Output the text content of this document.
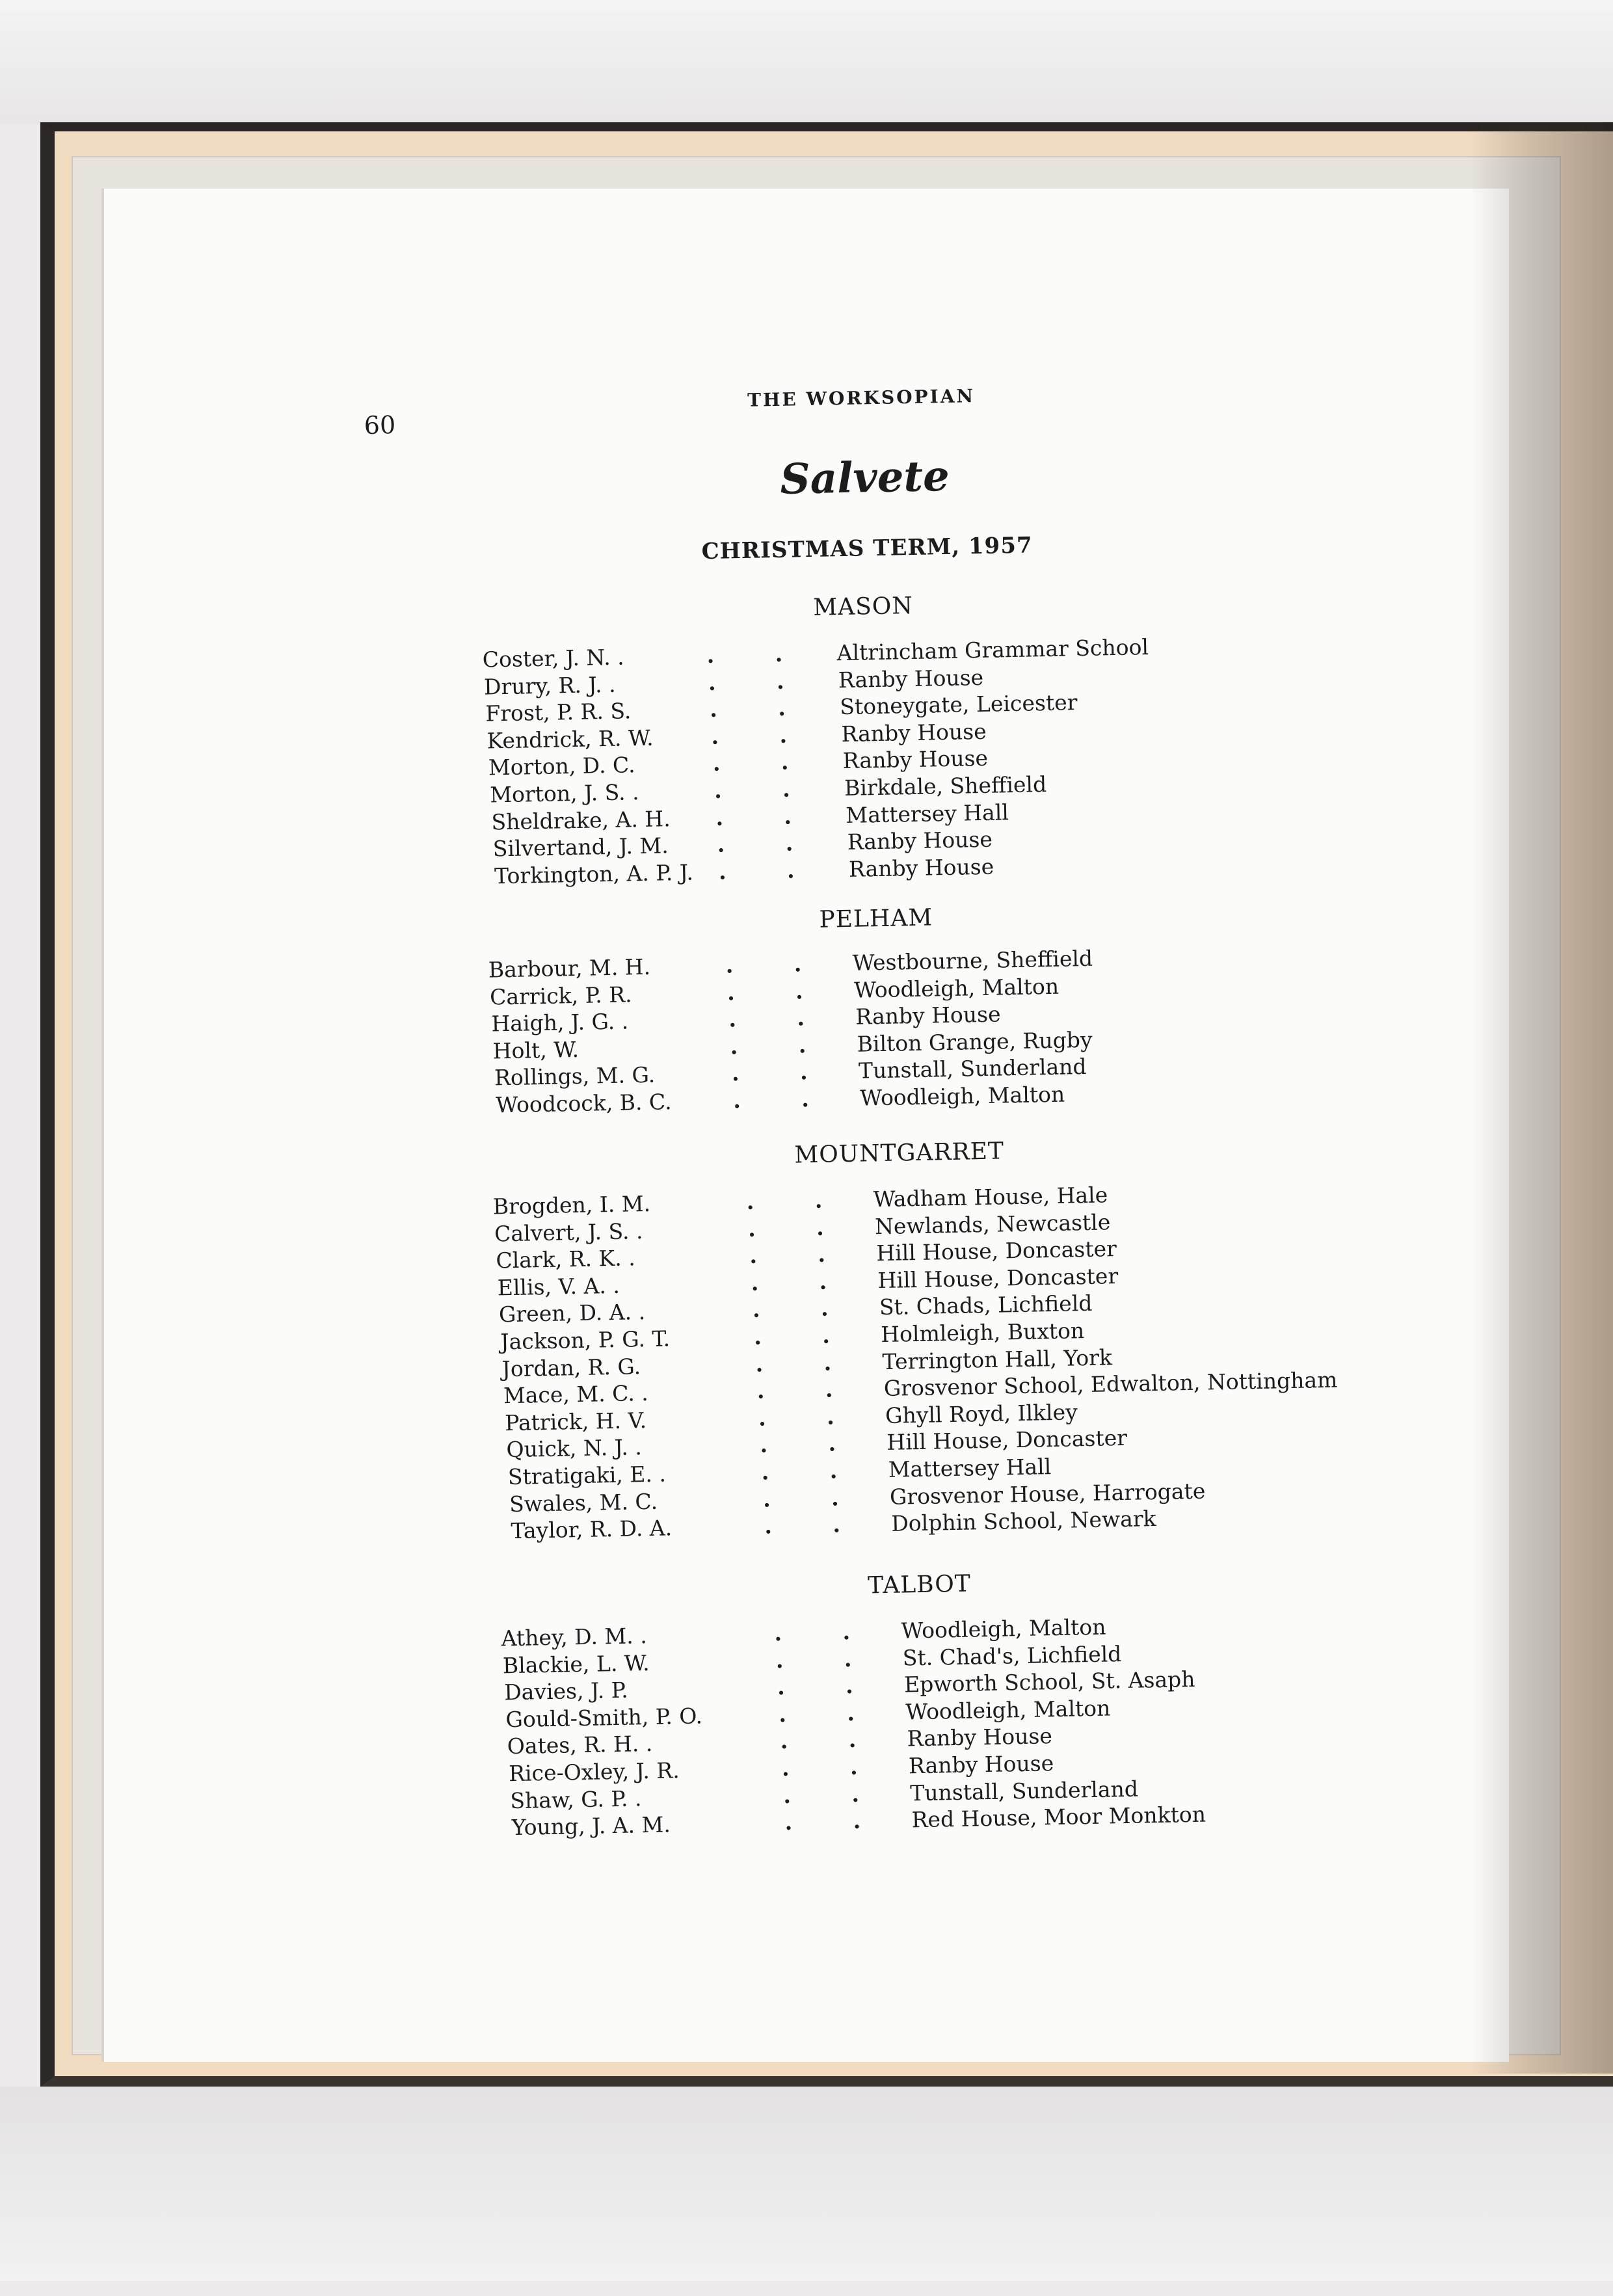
60
THE WORKSOPIAN
Salvete
CHRISTMAS TERM, 1957
MASON
Coster, J. N. .	.	.	Altrincham Grammar School
Drury, R. J. .	.	.	Ranby House
Frost, P. R. S.	.	.	Stoneygate, Leicester
Kendrick, R. W.	.	.	Ranby House
Morton, D. C.	.	.	Ranby House
Morton, J. S. .	.	.	Birkdale, Sheffield
Sheldrake, A. H. .	.	Mattersey Hall
Silvertand, J. M. .	.	Ranby House
Torkington, A. P. J. .	.	Ranby House
PELHAM
Barbour, M. H.	.	. Westbourne, Sheffield
Carrick, P. R.	.	. Woodleigh, Malton
Haigh, J. G. .	.	. Ranby House
Holt, W.	.	. Bilton Grange, Rugby
Rollings, M. G.	.	. Tunstall, Sunderland
Woodcock, B. C.	.	. Woodleigh, Malton
MOUNTGARRET
Brogden, I. M.	.	. Wadham House, Hale
Calvert, J. S. .	.	. Newlands, Newcastle
Clark, R. K. .	.	. Hill House, Doncaster
Ellis, V. A. .	.	. Hill House, Doncaster
Green, D. A. .	.	. St. Chads, Lichfield
Jackson, P. G. T.	.	. Holmleigh, Buxton
Jordan, R. G.	.	. Terrington Hall, York
Mace, M. C. .	.	. Grosvenor School, Edwalton, Nottingham
Patrick, H. V.	.	. Ghyll Royd, Ilkley
Quick, N. J. .	.	. Hill House, Doncaster
Stratigaki, E. .	.	. Mattersey Hall
Swales, M. C.	.	. Grosvenor House, Harrogate
Taylor, R. D. A.	.	. Dolphin School, Newark
TALBOT
Athey, D. M. .	.	. Woodleigh, Malton
Blackie, L. W.	.	. St. Chad's, Lichfield
Davies, J. P.	.	. Epworth School, St. Asaph
Gould-Smith, P. O.	.	. Woodleigh, Malton
Oates, R. H. .	.	. Ranby House
Rice-Oxley, J. R.	.	. Ranby House
Shaw, G. P. .	.	. Tunstall, Sunderland
Young, J. A. M.	.	. Red House, Moor Monkton
